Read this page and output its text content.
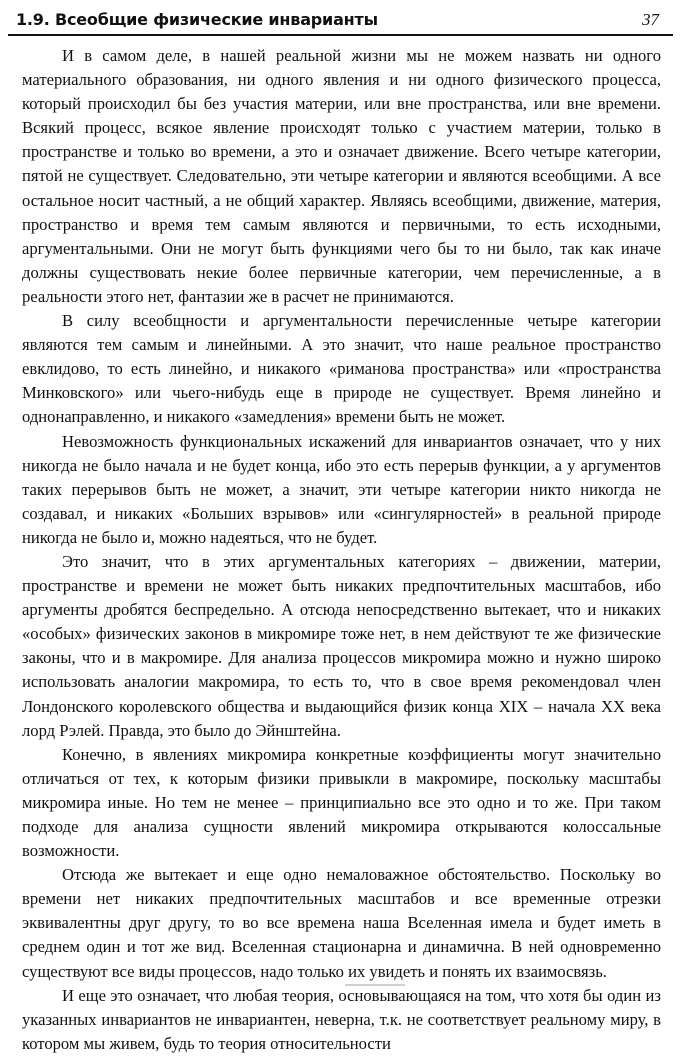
1.9. Всеобщие физические инварианты	37

И в самом деле, в нашей реальной жизни мы не можем назвать ни одного материального образования, ни одного явления и ни одного физического процесса, который происходил бы без участия материи, или вне пространства, или вне времени. Всякий процесс, всякое явление происходят только с участием материи, только в пространстве и только во времени, а это и означает движение. Всего четыре категории, пятой не существует. Следовательно, эти четыре категории и являются всеобщими. А все остальное носит частный, а не общий характер. Являясь всеобщими, движение, материя, пространство и время тем самым являются и первичными, то есть исходными, аргументальными. Они не могут быть функциями чего бы то ни было, так как иначе должны существовать некие более первичные категории, чем перечисленные, а в реальности этого нет, фантазии же в расчет не принимаются.

В силу всеобщности и аргументальности перечисленные четыре категории являются тем самым и линейными. А это значит, что наше реальное пространство евклидово, то есть линейно, и никакого «риманова пространства» или «пространства Минковского» или чьего-нибудь еще в природе не существует. Время линейно и однонаправленно, и никакого «замедления» времени быть не может.

Невозможность функциональных искажений для инвариантов означает, что у них никогда не было начала и не будет конца, ибо это есть перерыв функции, а у аргументов таких перерывов быть не может, а значит, эти четыре категории никто никогда не создавал, и никаких «Больших взрывов» или «сингулярностей» в реальной природе никогда не было и, можно надеяться, что не будет.

Это значит, что в этих аргументальных категориях – движении, материи, пространстве и времени не может быть никаких предпочтительных масштабов, ибо аргументы дробятся беспредельно. А отсюда непосредственно вытекает, что и никаких «особых» физических законов в микромире тоже нет, в нем действуют те же физические законы, что и в макромире. Для анализа процессов микромира можно и нужно широко использовать аналогии макромира, то есть то, что в свое время рекомендовал член Лондонского королевского общества и выдающийся физик конца XIX – начала XX века лорд Рэлей. Правда, это было до Эйнштейна.

Конечно, в явлениях микромира конкретные коэффициенты могут значительно отличаться от тех, к которым физики привыкли в макромире, поскольку масштабы микромира иные. Но тем не менее – принципиально все это одно и то же. При таком подходе для анализа сущности явлений микромира открываются колоссальные возможности.

Отсюда же вытекает и еще одно немаловажное обстоятельство. Поскольку во времени нет никаких предпочтительных масштабов и все временные отрезки эквивалентны друг другу, то во все времена наша Вселенная имела и будет иметь в среднем один и тот же вид. Вселенная стационарна и динамична. В ней одновременно существуют все виды процессов, надо только их увидеть и понять их взаимосвязь.

И еще это означает, что любая теория, основывающаяся на том, что хотя бы один из указанных инвариантов не инвариантен, неверна, т.к. не соответствует реальному миру, в котором мы живем, будь то теория относительности
